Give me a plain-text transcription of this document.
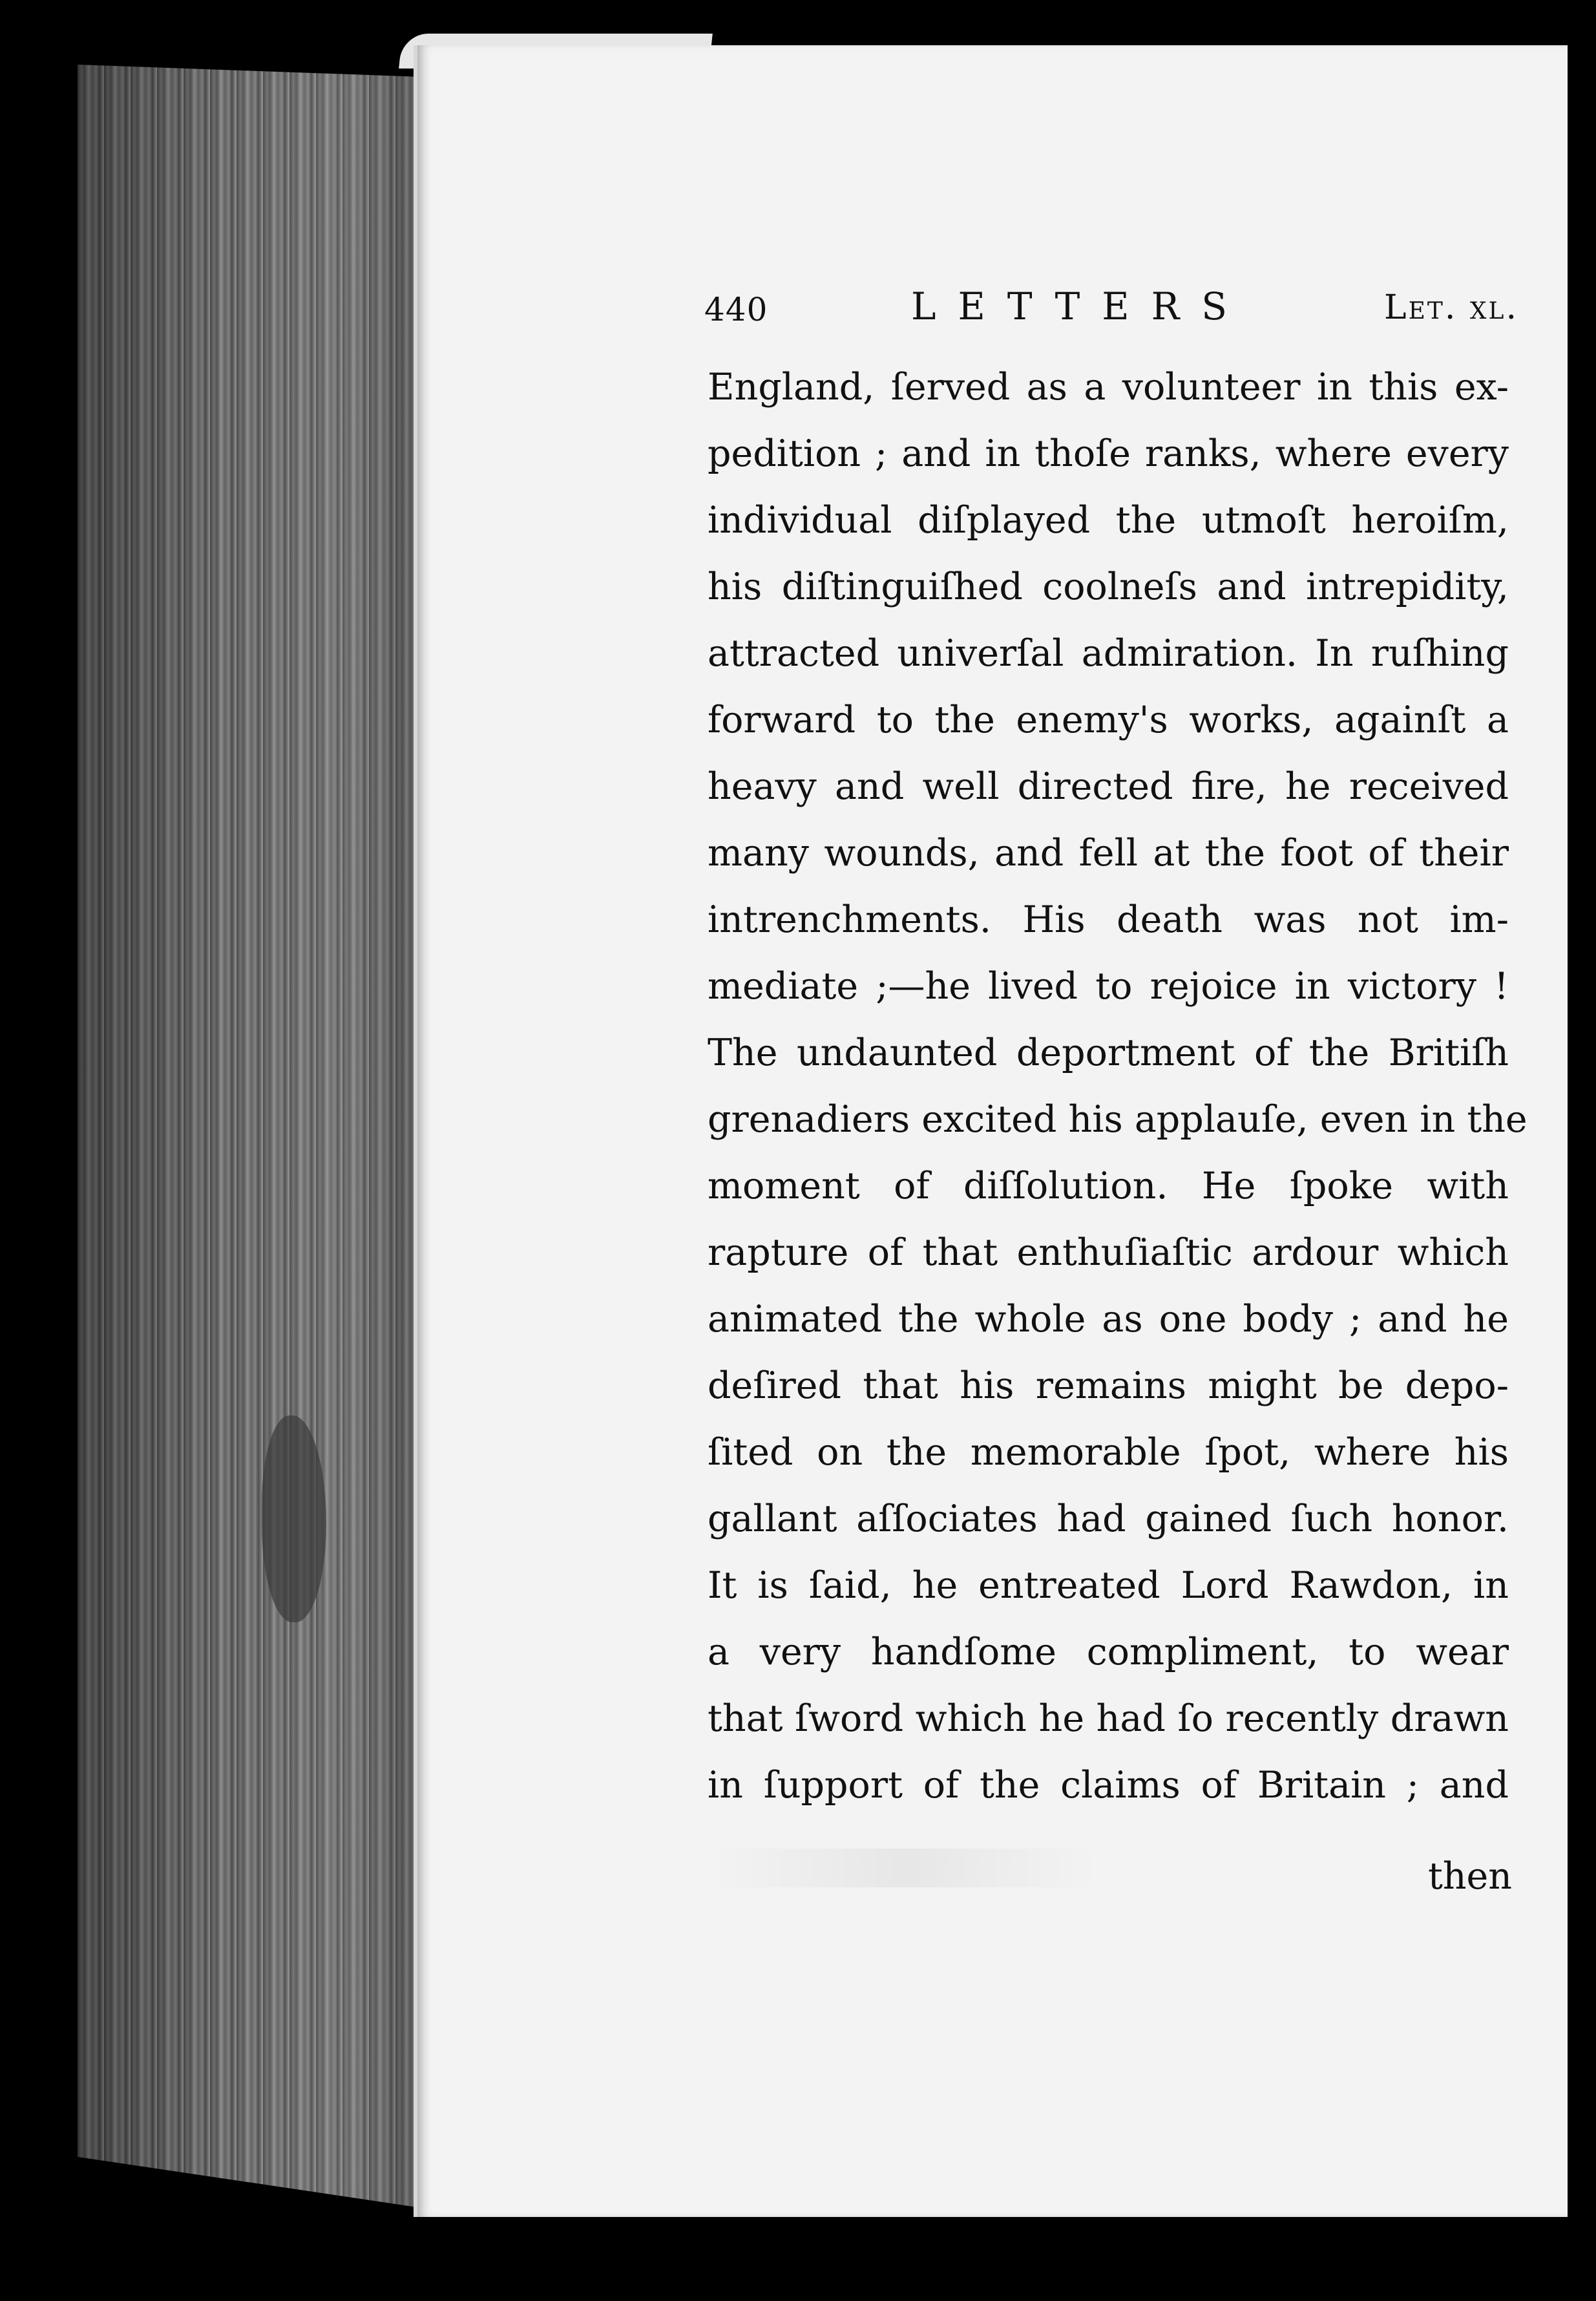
440	LETTERS	Let. xl.
England, ſerved as a volunteer in this ex-
pedition ; and in thoſe ranks, where every
individual diſplayed the utmoſt heroiſm,
his diſtinguiſhed coolneſs and intrepidity,
attracted univerſal admiration. In ruſhing
forward to the enemy's works, againſt a
heavy and well directed fire, he received
many wounds, and fell at the foot of their
intrenchments. His death was not im-
mediate ;—he lived to rejoice in victory !
The undaunted deportment of the Britiſh
grenadiers excited his applauſe, even in the
moment of diſſolution. He ſpoke with
rapture of that enthuſiaſtic ardour which
animated the whole as one body ; and he
deſired that his remains might be depo-
ſited on the memorable ſpot, where his
gallant aſſociates had gained ſuch honor.
It is ſaid, he entreated Lord Rawdon, in
a very handſome compliment, to wear
that ſword which he had ſo recently drawn
in ſupport of the claims of Britain ; and
then
